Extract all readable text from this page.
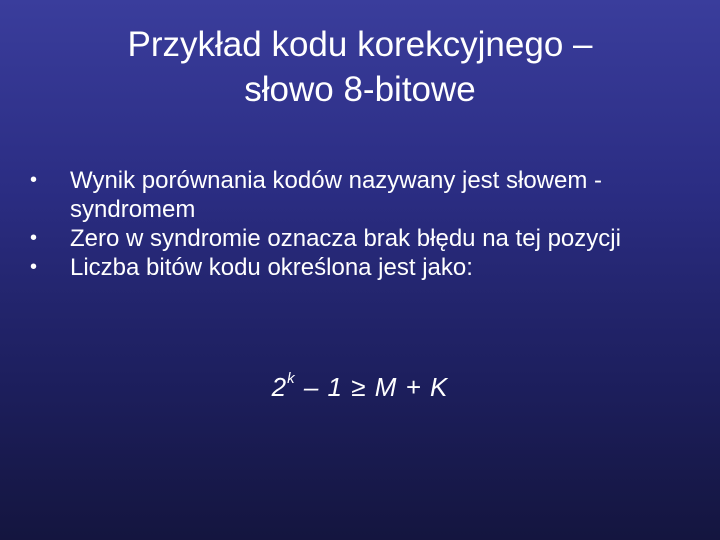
Przykład kodu korekcyjnego –
słowo 8-bitowe
• Wynik porównania kodów nazywany jest słowem -syndromem
• Zero w syndromie oznacza brak błędu na tej pozycji
• Liczba bitów kodu określona jest jako:
2$^k$ – 1 ≥ M + K
